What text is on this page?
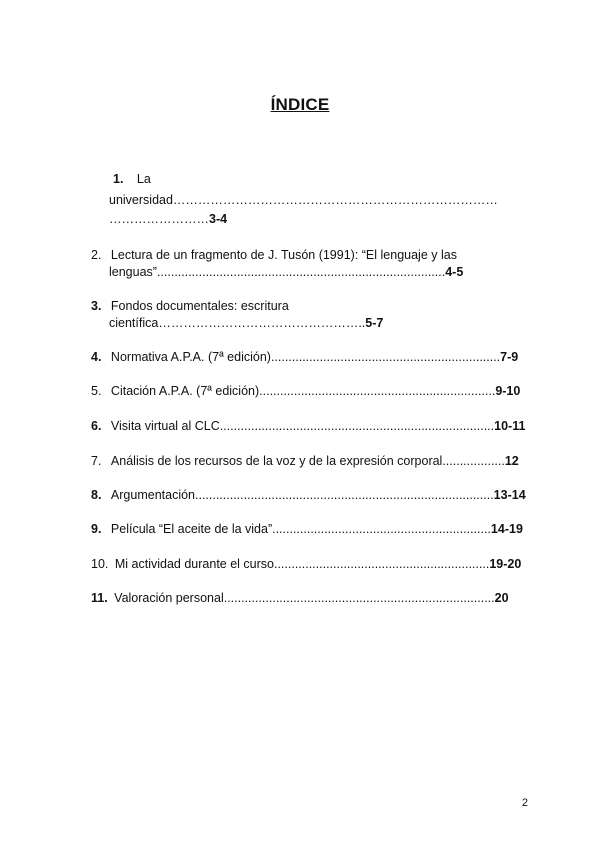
ÍNDICE
1. La
universidad……………………………………………………………………
……………………3-4
2. Lectura de un fragmento de J. Tusón (1991): “El lenguaje y las
lenguas”...................................................................................4-5
3. Fondos documentales: escritura
científica…………………………………………..5-7
4. Normativa A.P.A. (7ª edición)..................................................................7-9
5. Citación A.P.A. (7ª edición)....................................................................9-10
6. Visita virtual al CLC...............................................................................10-11
7. Análisis de los recursos de la voz y de la expresión corporal..................12
8. Argumentación......................................................................................13-14
9. Película “El aceite de la vida”...............................................................14-19
10. Mi actividad durante el curso..............................................................19-20
11. Valoración personal..............................................................................20
2
